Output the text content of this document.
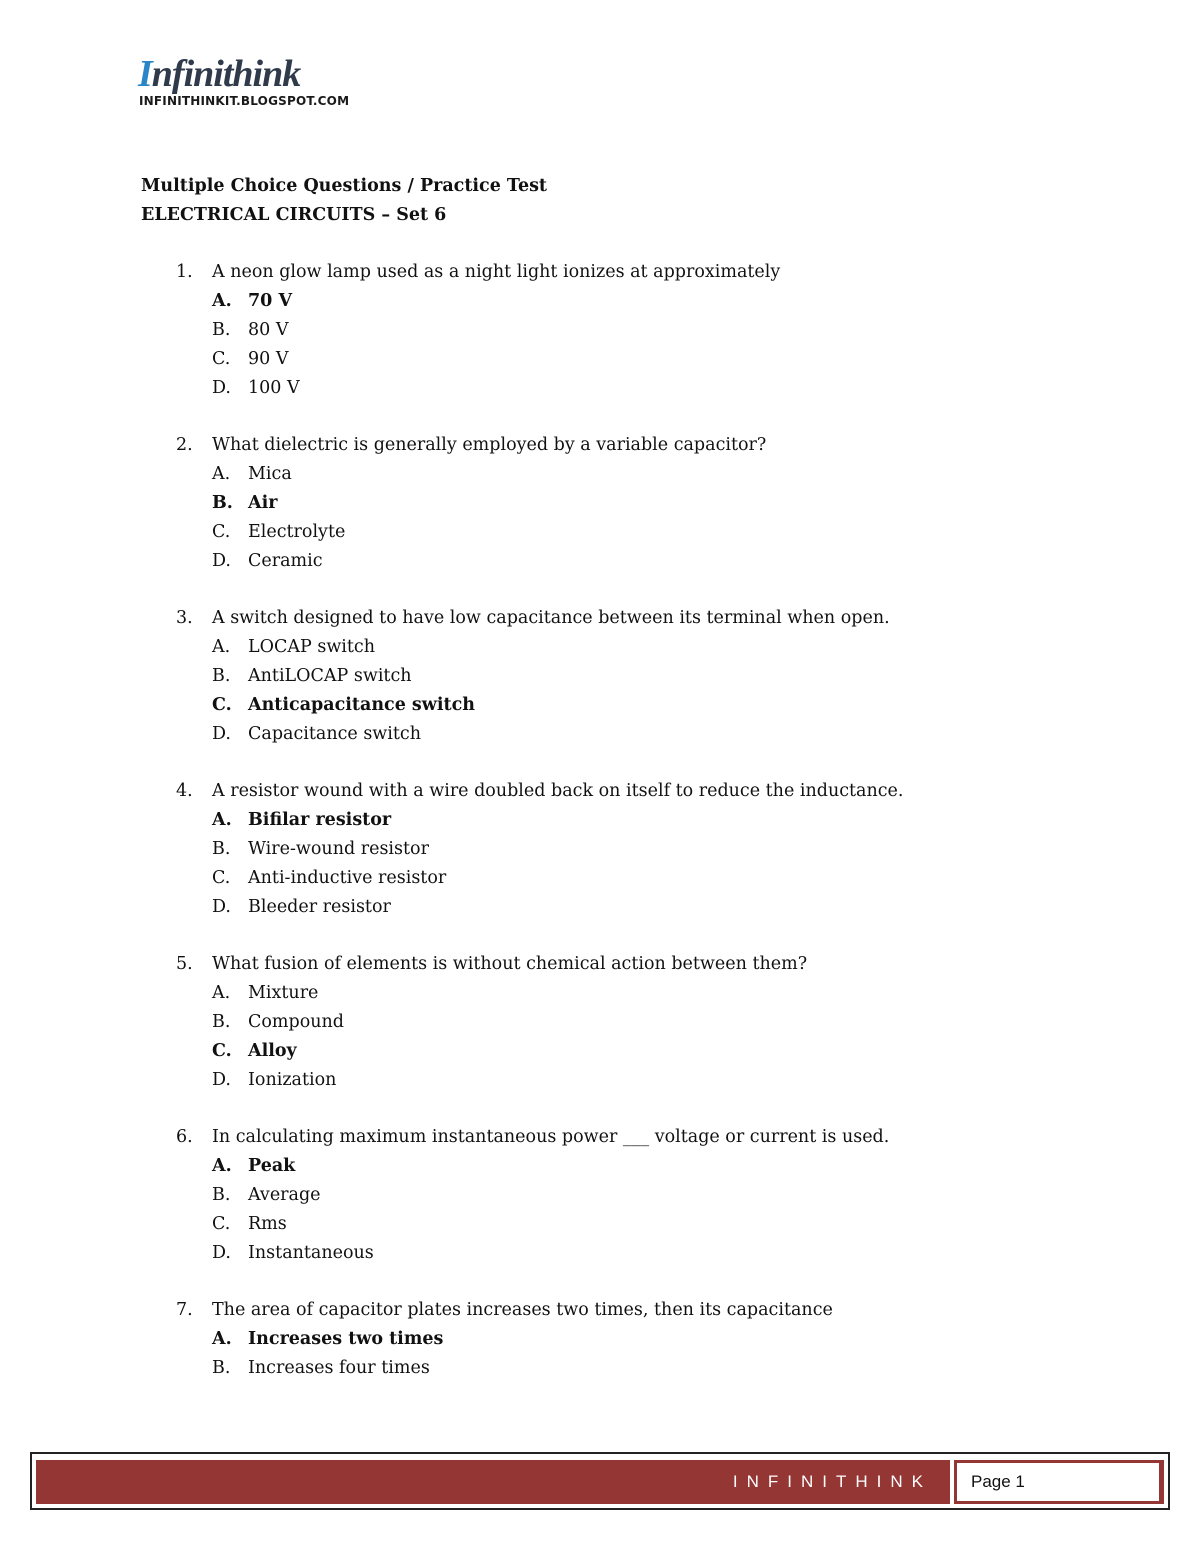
Infinithink
INFINITHINKIT.BLOGSPOT.COM
Multiple Choice Questions / Practice Test
ELECTRICAL CIRCUITS – Set 6
1.	A neon glow lamp used as a night light ionizes at approximately
A. 70 V
B.	80 V
C.	90 V
D. 100 V
2.	What dielectric is generally employed by a variable capacitor?
A.	Mica
B. Air
C.	Electrolyte
D. Ceramic
3.	A switch designed to have low capacitance between its terminal when open.
A.	LOCAP switch
B.	AntiLOCAP switch
C. Anticapacitance switch
D. Capacitance switch
4.	A resistor wound with a wire doubled back on itself to reduce the inductance.
A. Bifilar resistor
B.	Wire-wound resistor
C.	Anti-inductive resistor
D. Bleeder resistor
5.	What fusion of elements is without chemical action between them?
A.	Mixture
B.	Compound
C. Alloy
D. Ionization
6.	In calculating maximum instantaneous power ___ voltage or current is used.
A. Peak
B.	Average
C.	Rms
D. Instantaneous
7.	The area of capacitor plates increases two times, then its capacitance
A. Increases two times
B.	Increases four times
INFINITHINK	Page 1
